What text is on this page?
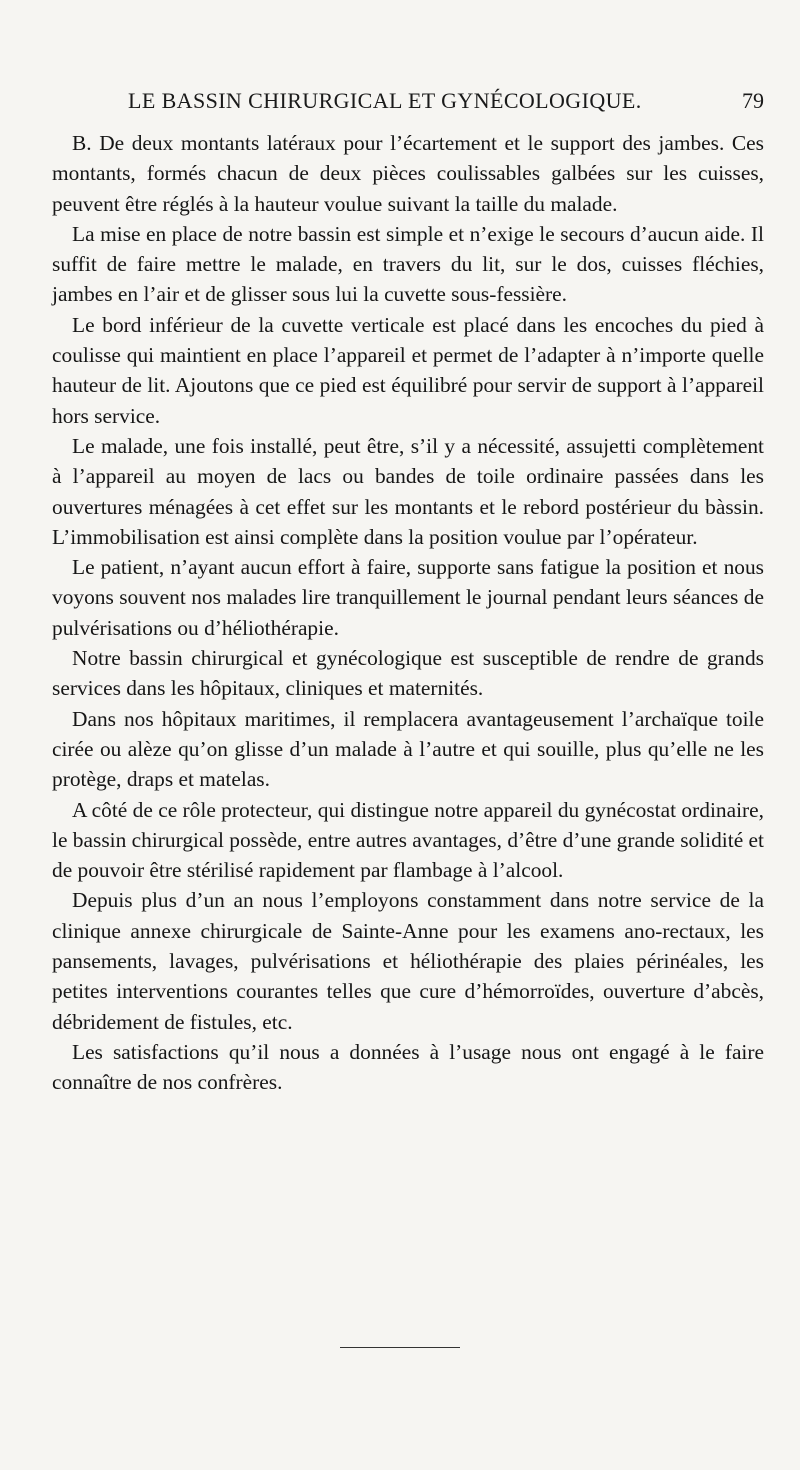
LE BASSIN CHIRURGICAL ET GYNÉCOLOGIQUE.	79

B. De deux montants latéraux pour l’écartement et le support des jambes. Ces montants, formés chacun de deux pièces coulissables galbées sur les cuisses, peuvent être réglés à la hauteur voulue suivant la taille du malade.

La mise en place de notre bassin est simple et n’exige le secours d’aucun aide. Il suffit de faire mettre le malade, en travers du lit, sur le dos, cuisses fléchies, jambes en l’air et de glisser sous lui la cuvette sous-fessière.

Le bord inférieur de la cuvette verticale est placé dans les encoches du pied à coulisse qui maintient en place l’appareil et permet de l’adapter à n’importe quelle hauteur de lit. Ajoutons que ce pied est équilibré pour servir de support à l’appareil hors service.

Le malade, une fois installé, peut être, s’il y a nécessité, assujetti complètement à l’appareil au moyen de lacs ou bandes de toile ordinaire passées dans les ouvertures ménagées à cet effet sur les montants et le rebord postérieur du bàssin. L’immobilisation est ainsi complète dans la position voulue par l’opérateur.

Le patient, n’ayant aucun effort à faire, supporte sans fatigue la position et nous voyons souvent nos malades lire tranquillement le journal pendant leurs séances de pulvérisations ou d’héliothérapie.

Notre bassin chirurgical et gynécologique est susceptible de rendre de grands services dans les hôpitaux, cliniques et maternités.

Dans nos hôpitaux maritimes, il remplacera avantageusement l’archaïque toile cirée ou alèze qu’on glisse d’un malade à l’autre et qui souille, plus qu’elle ne les protège, draps et matelas.

A côté de ce rôle protecteur, qui distingue notre appareil du gynécostat ordinaire, le bassin chirurgical possède, entre autres avantages, d’être d’une grande solidité et de pouvoir être stérilisé rapidement par flambage à l’alcool.

Depuis plus d’un an nous l’employons constamment dans notre service de la clinique annexe chirurgicale de Sainte-Anne pour les examens ano-rectaux, les pansements, lavages, pulvérisations et héliothérapie des plaies périnéales, les petites interventions courantes telles que cure d’hémorroïdes, ouverture d’abcès, débridement de fistules, etc.

Les satisfactions qu’il nous a données à l’usage nous ont engagé à le faire connaître de nos confrères.
